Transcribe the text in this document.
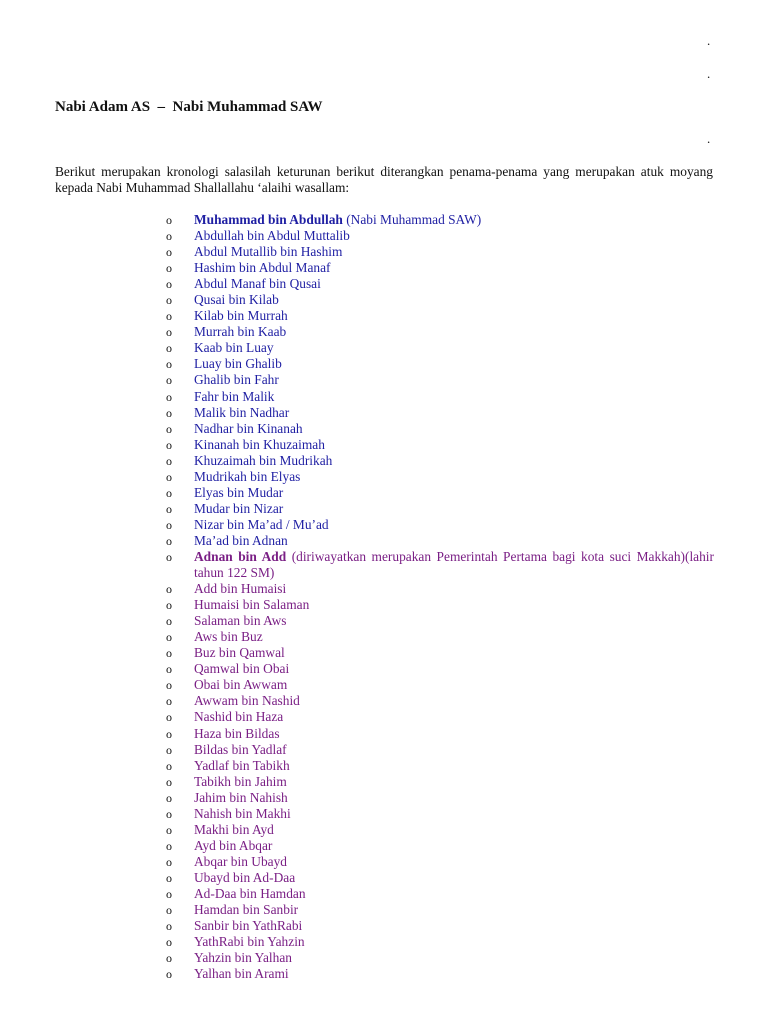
.
.
.
Nabi Adam AS  –  Nabi Muhammad SAW

Berikut merupakan kronologi salasilah keturunan berikut diterangkan penama-penama yang merupakan atuk moyang kepada Nabi Muhammad Shallallahu ‘alaihi wasallam:

o Muhammad bin Abdullah (Nabi Muhammad SAW)
o Abdullah bin Abdul Muttalib
o Abdul Mutallib bin Hashim
o Hashim bin Abdul Manaf
o Abdul Manaf bin Qusai
o Qusai bin Kilab
o Kilab bin Murrah
o Murrah bin Kaab
o Kaab bin Luay
o Luay bin Ghalib
o Ghalib bin Fahr
o Fahr bin Malik
o Malik bin Nadhar
o Nadhar bin Kinanah
o Kinanah bin Khuzaimah
o Khuzaimah bin Mudrikah
o Mudrikah bin Elyas
o Elyas bin Mudar
o Mudar bin Nizar
o Nizar bin Ma’ad / Mu’ad
o Ma’ad bin Adnan
o Adnan bin Add (diriwayatkan merupakan Pemerintah Pertama bagi kota suci Makkah)(lahir tahun 122 SM)
o Add bin Humaisi
o Humaisi bin Salaman
o Salaman bin Aws
o Aws bin Buz
o Buz bin Qamwal
o Qamwal bin Obai
o Obai bin Awwam
o Awwam bin Nashid
o Nashid bin Haza
o Haza bin Bildas
o Bildas bin Yadlaf
o Yadlaf bin Tabikh
o Tabikh bin Jahim
o Jahim bin Nahish
o Nahish bin Makhi
o Makhi bin Ayd
o Ayd bin Abqar
o Abqar bin Ubayd
o Ubayd bin Ad-Daa
o Ad-Daa bin Hamdan
o Hamdan bin Sanbir
o Sanbir bin YathRabi
o YathRabi bin Yahzin
o Yahzin bin Yalhan
o Yalhan bin Arami
